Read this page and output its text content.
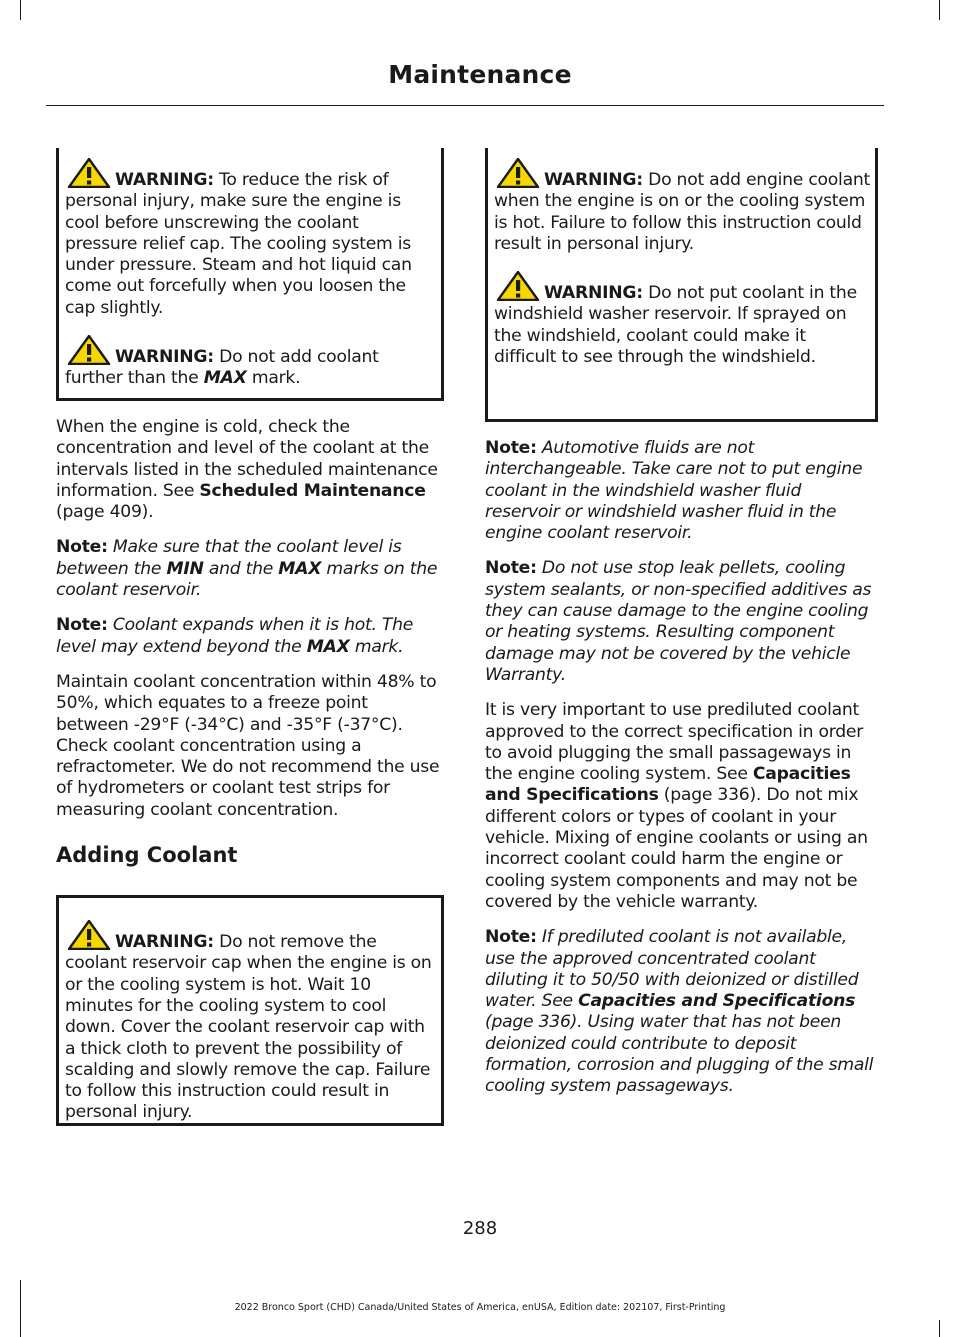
Maintenance

WARNING: To reduce the risk of personal injury, make sure the engine is cool before unscrewing the coolant pressure relief cap. The cooling system is under pressure. Steam and hot liquid can come out forcefully when you loosen the cap slightly.

WARNING: Do not add coolant further than the MAX mark.

When the engine is cold, check the concentration and level of the coolant at the intervals listed in the scheduled maintenance information. See Scheduled Maintenance (page 409).

Note: Make sure that the coolant level is between the MIN and the MAX marks on the coolant reservoir.

Note: Coolant expands when it is hot. The level may extend beyond the MAX mark.

Maintain coolant concentration within 48% to 50%, which equates to a freeze point between -29°F (-34°C) and -35°F (-37°C). Check coolant concentration using a refractometer. We do not recommend the use of hydrometers or coolant test strips for measuring coolant concentration.

Adding Coolant

WARNING: Do not remove the coolant reservoir cap when the engine is on or the cooling system is hot. Wait 10 minutes for the cooling system to cool down. Cover the coolant reservoir cap with a thick cloth to prevent the possibility of scalding and slowly remove the cap. Failure to follow this instruction could result in personal injury.

WARNING: Do not add engine coolant when the engine is on or the cooling system is hot. Failure to follow this instruction could result in personal injury.

WARNING: Do not put coolant in the windshield washer reservoir. If sprayed on the windshield, coolant could make it difficult to see through the windshield.

Note: Automotive fluids are not interchangeable. Take care not to put engine coolant in the windshield washer fluid reservoir or windshield washer fluid in the engine coolant reservoir.

Note: Do not use stop leak pellets, cooling system sealants, or non-specified additives as they can cause damage to the engine cooling or heating systems. Resulting component damage may not be covered by the vehicle Warranty.

It is very important to use prediluted coolant approved to the correct specification in order to avoid plugging the small passageways in the engine cooling system. See Capacities and Specifications (page 336). Do not mix different colors or types of coolant in your vehicle. Mixing of engine coolants or using an incorrect coolant could harm the engine or cooling system components and may not be covered by the vehicle warranty.

Note: If prediluted coolant is not available, use the approved concentrated coolant diluting it to 50/50 with deionized or distilled water. See Capacities and Specifications (page 336). Using water that has not been deionized could contribute to deposit formation, corrosion and plugging of the small cooling system passageways.

288
2022 Bronco Sport (CHD) Canada/United States of America, enUSA, Edition date: 202107, First-Printing
